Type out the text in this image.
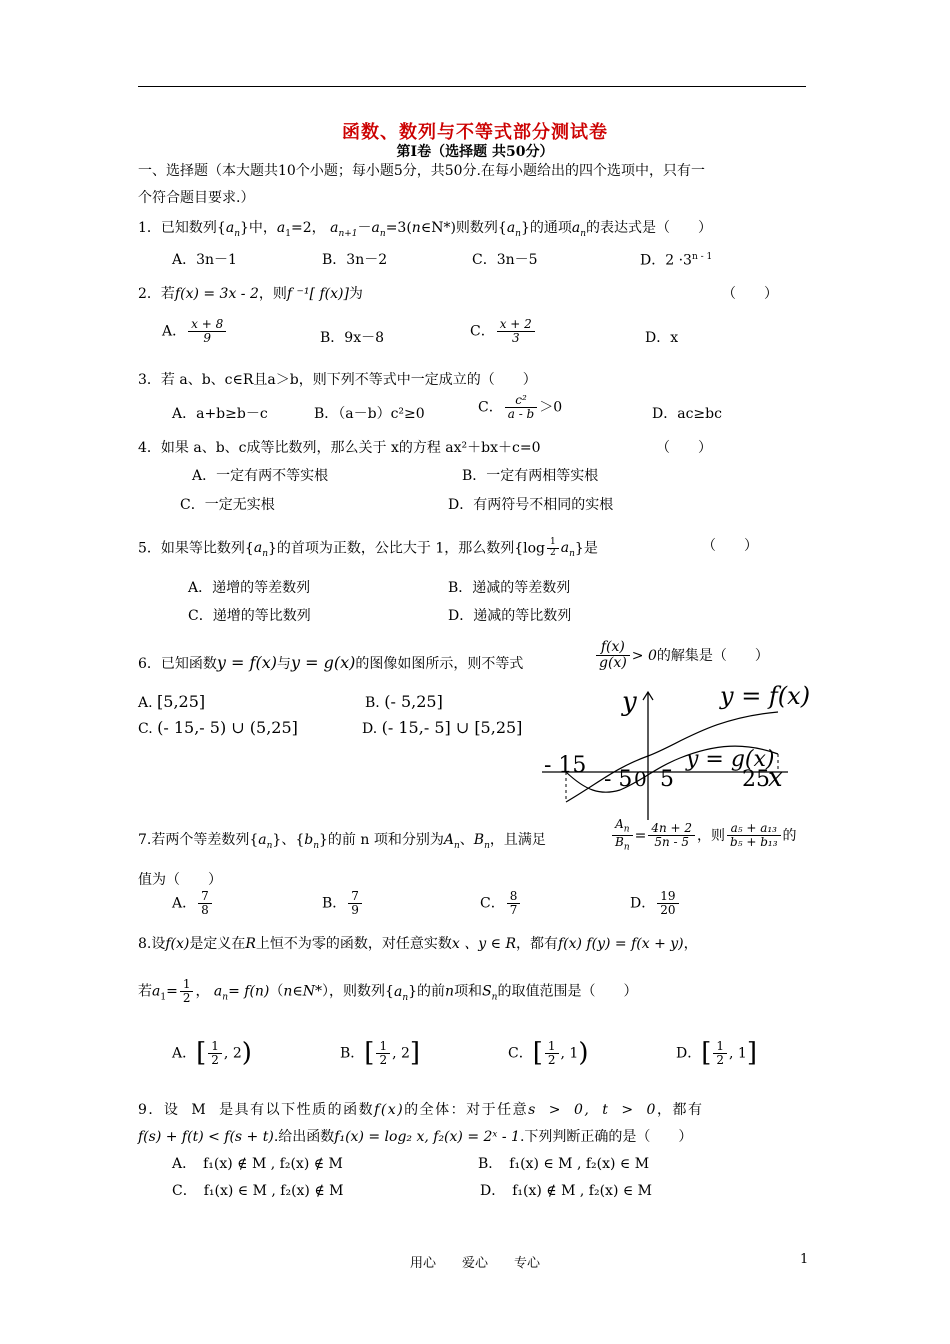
函数、数列与不等式部分测试卷
第Ⅰ卷（选择题 共50分）
一、选择题（本大题共10个小题；每小题5分，共50分.在每小题给出的四个选项中，只有一
个符合题目要求.）
1．已知数列$\{a_n\}$中，$a_1=2$， $a_{n+1}-a_n=3(n\in N*)$则数列$\{a_n\}$的通项$a_n$的表达式是（　　）
A．3n－1	B．3n－2	C．3n－5	D．$2 \cdot 3^{n - 1}$
2．若f(x) = 3x - 2，则f ⁻¹[ f(x)]为	（　　）
A． $\frac{x + 8}{9}$	B．9x－8	C． $\frac{x + 2}{3}$	D．x
3．若 a、b、c∈R且a＞b，则下列不等式中一定成立的（　　）
A．a+b≥b－c	B．（a－b）c²≥0	C． $\frac{\text{c²}}{a - b} >0$	D．ac≥bc
4．如果 a、b、c成等比数列，那么关于 x的方程 ax²＋bx＋c=0	（　　）
A．一定有两不等实根	B．一定有两相等实根
C．一定无实根	D．有两符号不相同的实根
5．如果等比数列$\{a_n\}$的首项为正数，公比大于 1，那么数列$\{\log \frac{1}{2} a_n\}$是	（　　）
A．递增的等差数列	B．递减的等差数列
C．递增的等比数列	D．递减的等比数列
6．已知函数y = f(x)与y = g(x)的图像如图所示，则不等式	$\frac{f(x)}{g(x)} > 0$的解集是（　　）
A. [5,25]	B. (- 5,25]
C. (- 15,- 5) ∪ (5,25]	D. (- 15,- 5] ∪ [5,25]
y	y = f(x)
y = g(x)
- 15
- 5 5	25
x
0
7.若两个等差数列$\{a_n\}$、$\{b_n\}$的前 n 项和分别为$A_n$、$B_n$，且满足	$\frac{A_n}{B_n} = \frac{4n + 2}{5n - 5}$ ，则 $\frac{\text{a₅ + a₁₃}}{\text{b₅ + b₁₃}}$ 的
值为（　　）
A． $\frac{7}{8}$	B． $\frac{7}{9}$	C． $\frac{8}{7}$	D． $\frac{19}{20}$
8.设f(x)是定义在R上恒不为零的函数，对任意实数x 、y ∈ R，都有f(x) f(y) = f(x + y)，
若$a_1= \frac{1}{2}$ ， $a_n=$ f(n)（n∈N*），则数列$\{a_n\}$的前n项和$S_n$的取值范围是（　　）
A．[ $\frac{1}{2}$ , 2)	B．[ $\frac{1}{2}$ , 2]	C．[ $\frac{1}{2}$ , 1)	D．[ $\frac{1}{2}$ , 1]
9．设 M 是具有以下性质的函数f(x)的全体：对于任意s > 0, t > 0，都有
f(s) + f(t) < f(s + t).给出函数f₁(x) = log₂ x, f₂(x) = 2ˣ - 1.下列判断正确的是（　　）
A．　f₁(x) ∉ M , f₂(x) ∉ M	B．　f₁(x) ∈ M , f₂(x) ∈ M
C．　f₁(x) ∈ M , f₂(x) ∉ M	D．　f₁(x) ∉ M , f₂(x) ∈ M
用心　　爱心　　专心	1
